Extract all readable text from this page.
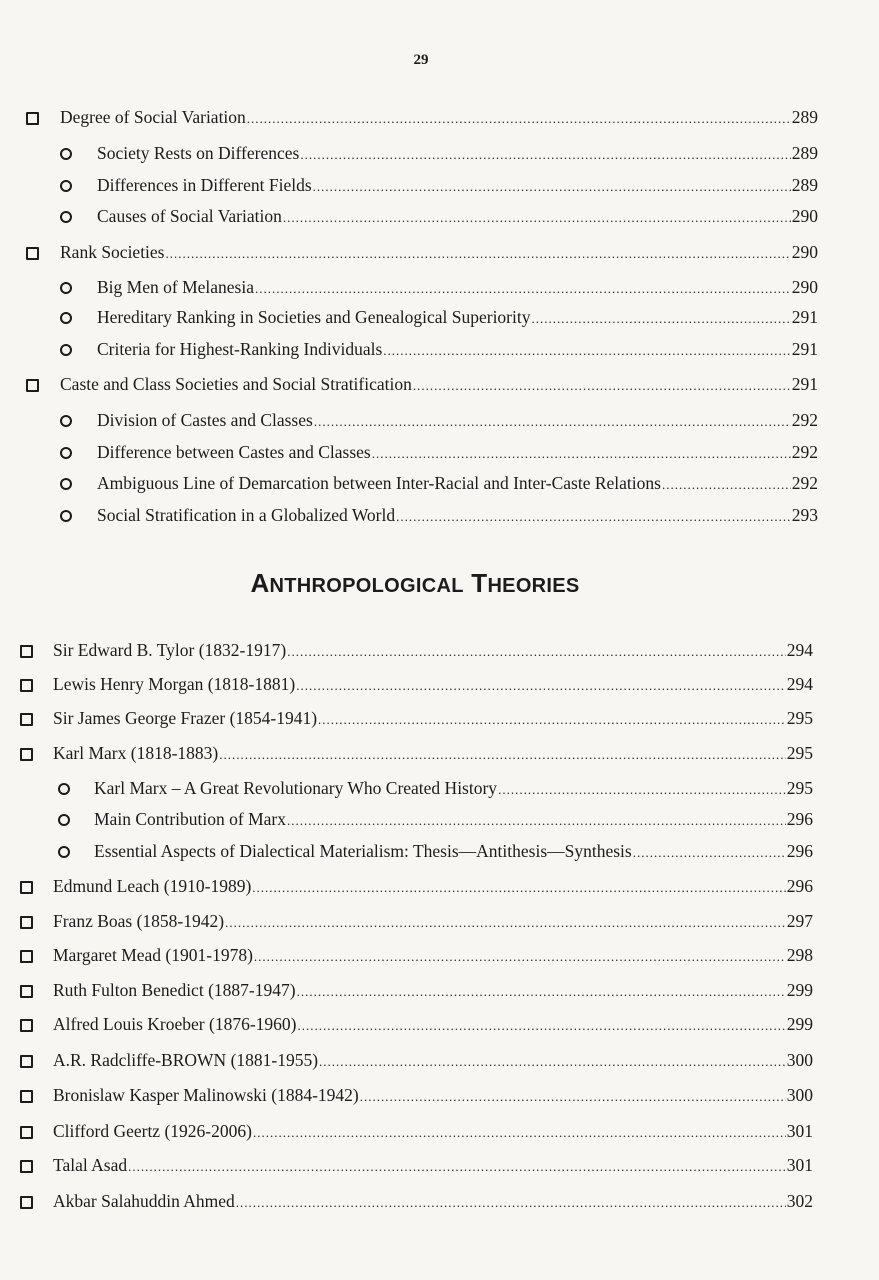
29
Degree of Social Variation .....	289
Society Rests on Differences .....	289
Differences in Different Fields .....	289
Causes of Social Variation .....	290
Rank Societies .....	290
Big Men of Melanesia .....	290
Hereditary Ranking in Societies and Genealogical Superiority .....	291
Criteria for Highest-Ranking Individuals .....	291
Caste and Class Societies and Social Stratification .....	291
Division of Castes and Classes .....	292
Difference between Castes and Classes .....	292
Ambiguous Line of Demarcation between Inter-Racial and Inter-Caste Relations .....	292
Social Stratification in a Globalized World .....	293
Sir Edward B. Tylor (1832-1917) .....	294
Lewis Henry Morgan (1818-1881) .....	294
Sir James George Frazer (1854-1941) .....	295
Karl Marx (1818-1883) .....	295
Karl Marx – A Great Revolutionary Who Created History .....	295
Main Contribution of Marx .....	296
Essential Aspects of Dialectical Materialism: Thesis—Antithesis—Synthesis .....	296
Edmund Leach (1910-1989) .....	296
Franz Boas (1858-1942) .....	297
Margaret Mead (1901-1978) .....	298
Ruth Fulton Benedict (1887-1947) .....	299
Alfred Louis Kroeber (1876-1960) .....	299
A.R. Radcliffe-BROWN (1881-1955) .....	300
Bronislaw Kasper Malinowski (1884-1942) .....	300
Clifford Geertz (1926-2006) .....	301
Talal Asad .....	301
Akbar Salahuddin Ahmed .....	302
ANTHROPOLOGICAL THEORIES
